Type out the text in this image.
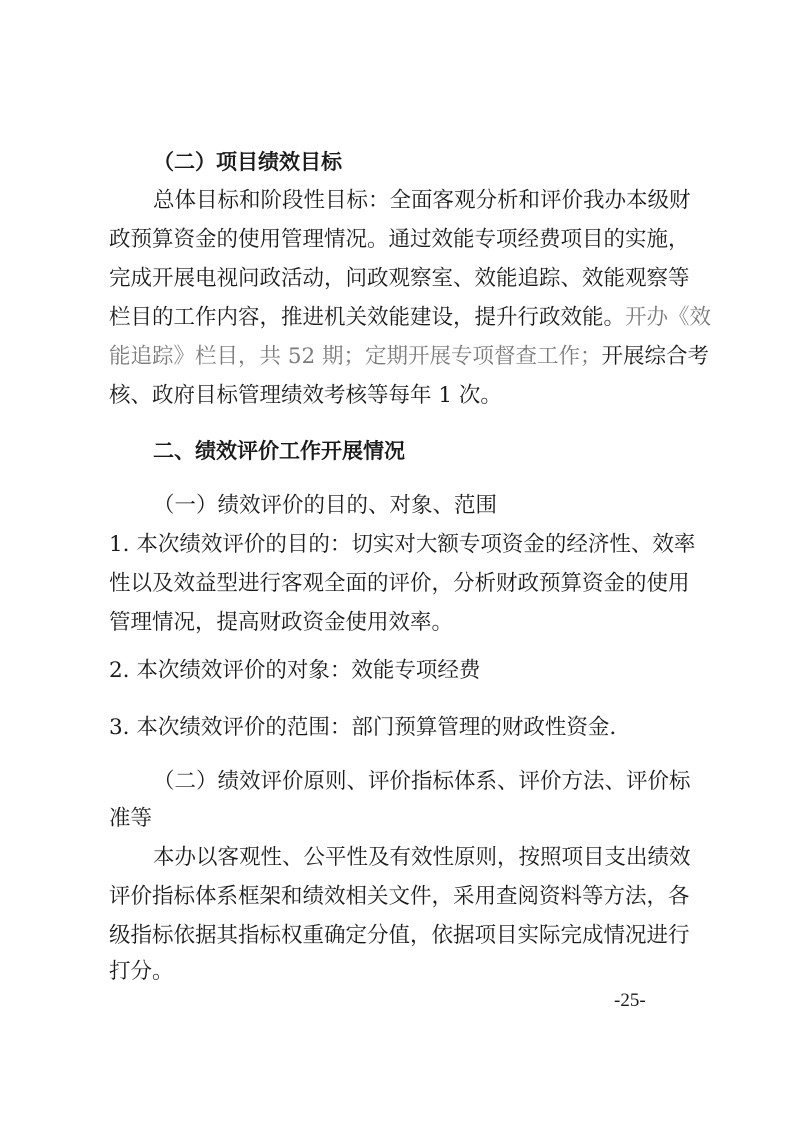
（二）项目绩效目标
总体目标和阶段性目标：全面客观分析和评价我办本级财
政预算资金的使用管理情况。通过效能专项经费项目的实施，
完成开展电视问政活动，问政观察室、效能追踪、效能观察等
栏目的工作内容，推进机关效能建设，提升行政效能。开办《效
能追踪》栏目，共 52 期；定期开展专项督查工作；开展综合考
核、政府目标管理绩效考核等每年 1 次。
二、绩效评价工作开展情况
（一）绩效评价的目的、对象、范围
1. 本次绩效评价的目的：切实对大额专项资金的经济性、效率
性以及效益型进行客观全面的评价，分析财政预算资金的使用
管理情况，提高财政资金使用效率。
2. 本次绩效评价的对象：效能专项经费
3. 本次绩效评价的范围：部门预算管理的财政性资金.
（二）绩效评价原则、评价指标体系、评价方法、评价标
准等
本办以客观性、公平性及有效性原则，按照项目支出绩效
评价指标体系框架和绩效相关文件，采用查阅资料等方法，各
级指标依据其指标权重确定分值，依据项目实际完成情况进行
打分。
-25-
